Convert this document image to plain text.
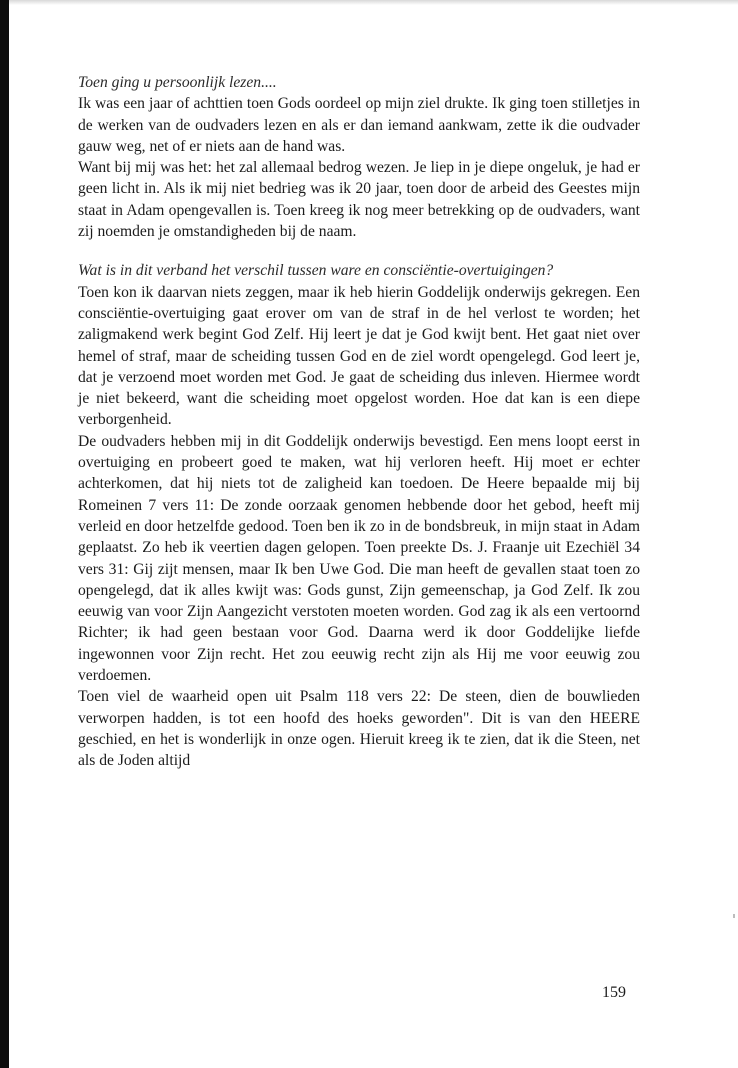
Toen ging u persoonlijk lezen....

Ik was een jaar of achttien toen Gods oordeel op mijn ziel drukte. Ik ging toen stilletjes in de werken van de oudvaders lezen en als er dan iemand aankwam, zette ik die oudvader gauw weg, net of er niets aan de hand was.

Want bij mij was het: het zal allemaal bedrog wezen. Je liep in je diepe ongeluk, je had er geen licht in. Als ik mij niet bedrieg was ik 20 jaar, toen door de arbeid des Geestes mijn staat in Adam opengevallen is. Toen kreeg ik nog meer betrekking op de oudvaders, want zij noemden je omstandigheden bij de naam.

Wat is in dit verband het verschil tussen ware en consciëntie-overtuigingen?

Toen kon ik daarvan niets zeggen, maar ik heb hierin Goddelijk onderwijs gekregen. Een consciëntie-overtuiging gaat erover om van de straf in de hel verlost te worden; het zaligmakend werk begint God Zelf. Hij leert je dat je God kwijt bent. Het gaat niet over hemel of straf, maar de scheiding tussen God en de ziel wordt opengelegd. God leert je, dat je verzoend moet worden met God. Je gaat de scheiding dus inleven. Hiermee wordt je niet bekeerd, want die scheiding moet opgelost worden. Hoe dat kan is een diepe verborgenheid.

De oudvaders hebben mij in dit Goddelijk onderwijs bevestigd. Een mens loopt eerst in overtuiging en probeert goed te maken, wat hij verloren heeft. Hij moet er echter achterkomen, dat hij niets tot de zaligheid kan toedoen. De Heere bepaalde mij bij Romeinen 7 vers 11: De zonde oorzaak genomen hebbende door het gebod, heeft mij verleid en door hetzelfde gedood. Toen ben ik zo in de bondsbreuk, in mijn staat in Adam geplaatst. Zo heb ik veertien dagen gelopen. Toen preekte Ds. J. Fraanje uit Ezechiël 34 vers 31: Gij zijt mensen, maar Ik ben Uwe God. Die man heeft de gevallen staat toen zo opengelegd, dat ik alles kwijt was: Gods gunst, Zijn gemeenschap, ja God Zelf. Ik zou eeuwig van voor Zijn Aangezicht verstoten moeten worden. God zag ik als een vertoornd Richter; ik had geen bestaan voor God. Daarna werd ik door Goddelijke liefde ingewonnen voor Zijn recht. Het zou eeuwig recht zijn als Hij me voor eeuwig zou verdoemen.

Toen viel de waarheid open uit Psalm 118 vers 22: De steen, dien de bouwlieden verworpen hadden, is tot een hoofd des hoeks geworden". Dit is van den HEERE geschied, en het is wonderlijk in onze ogen. Hieruit kreeg ik te zien, dat ik die Steen, net als de Joden altijd

159
